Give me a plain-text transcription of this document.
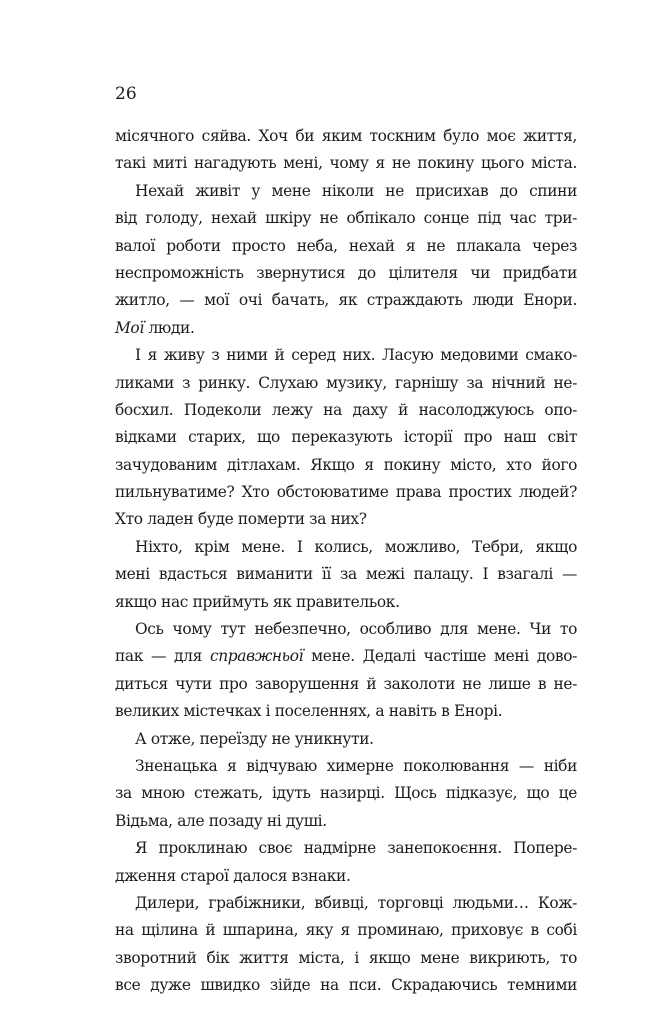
26
місячного сяйва. Хоч би яким тоскним було моє життя,
такі миті нагадують мені, чому я не покину цього міста.
Нехай живіт у мене ніколи не присихав до спини
від голоду, нехай шкіру не обпікало сонце під час три-
валої роботи просто неба, нехай я не плакала через
неспроможність звернутися до цілителя чи придбати
житло, — мої очі бачать, як страждають люди Енори.
Мої люди.
І я живу з ними й серед них. Ласую медовими смако-
ликами з ринку. Слухаю музику, гарнішу за нічний не-
босхил. Подеколи лежу на даху й насолоджуюсь опо-
відками старих, що переказують історії про наш світ
зачудованим дітлахам. Якщо я покину місто, хто його
пильнуватиме? Хто обстоюватиме права простих людей?
Хто ладен буде померти за них?
Ніхто, крім мене. І колись, можливо, Тебри, якщо
мені вдасться виманити її за межі палацу. І взагалі —
якщо нас приймуть як правительок.
Ось чому тут небезпечно, особливо для мене. Чи то
пак — для справжньої мене. Дедалі частіше мені дово-
диться чути про заворушення й заколоти не лише в не-
великих містечках і поселеннях, а навіть в Енорі.
А отже, переїзду не уникнути.
Зненацька я відчуваю химерне поколювання — ніби
за мною стежать, ідуть назирці. Щось підказує, що це
Відьма, але позаду ні душі.
Я проклинаю своє надмірне занепокоєння. Попере-
дження старої далося взнаки.
Дилери, грабіжники, вбивці, торговці людьми… Кож-
на щілина й шпарина, яку я проминаю, приховує в собі
зворотний бік життя міста, і якщо мене викриють, то
все дуже швидко зійде на пси. Скрадаючись темними
